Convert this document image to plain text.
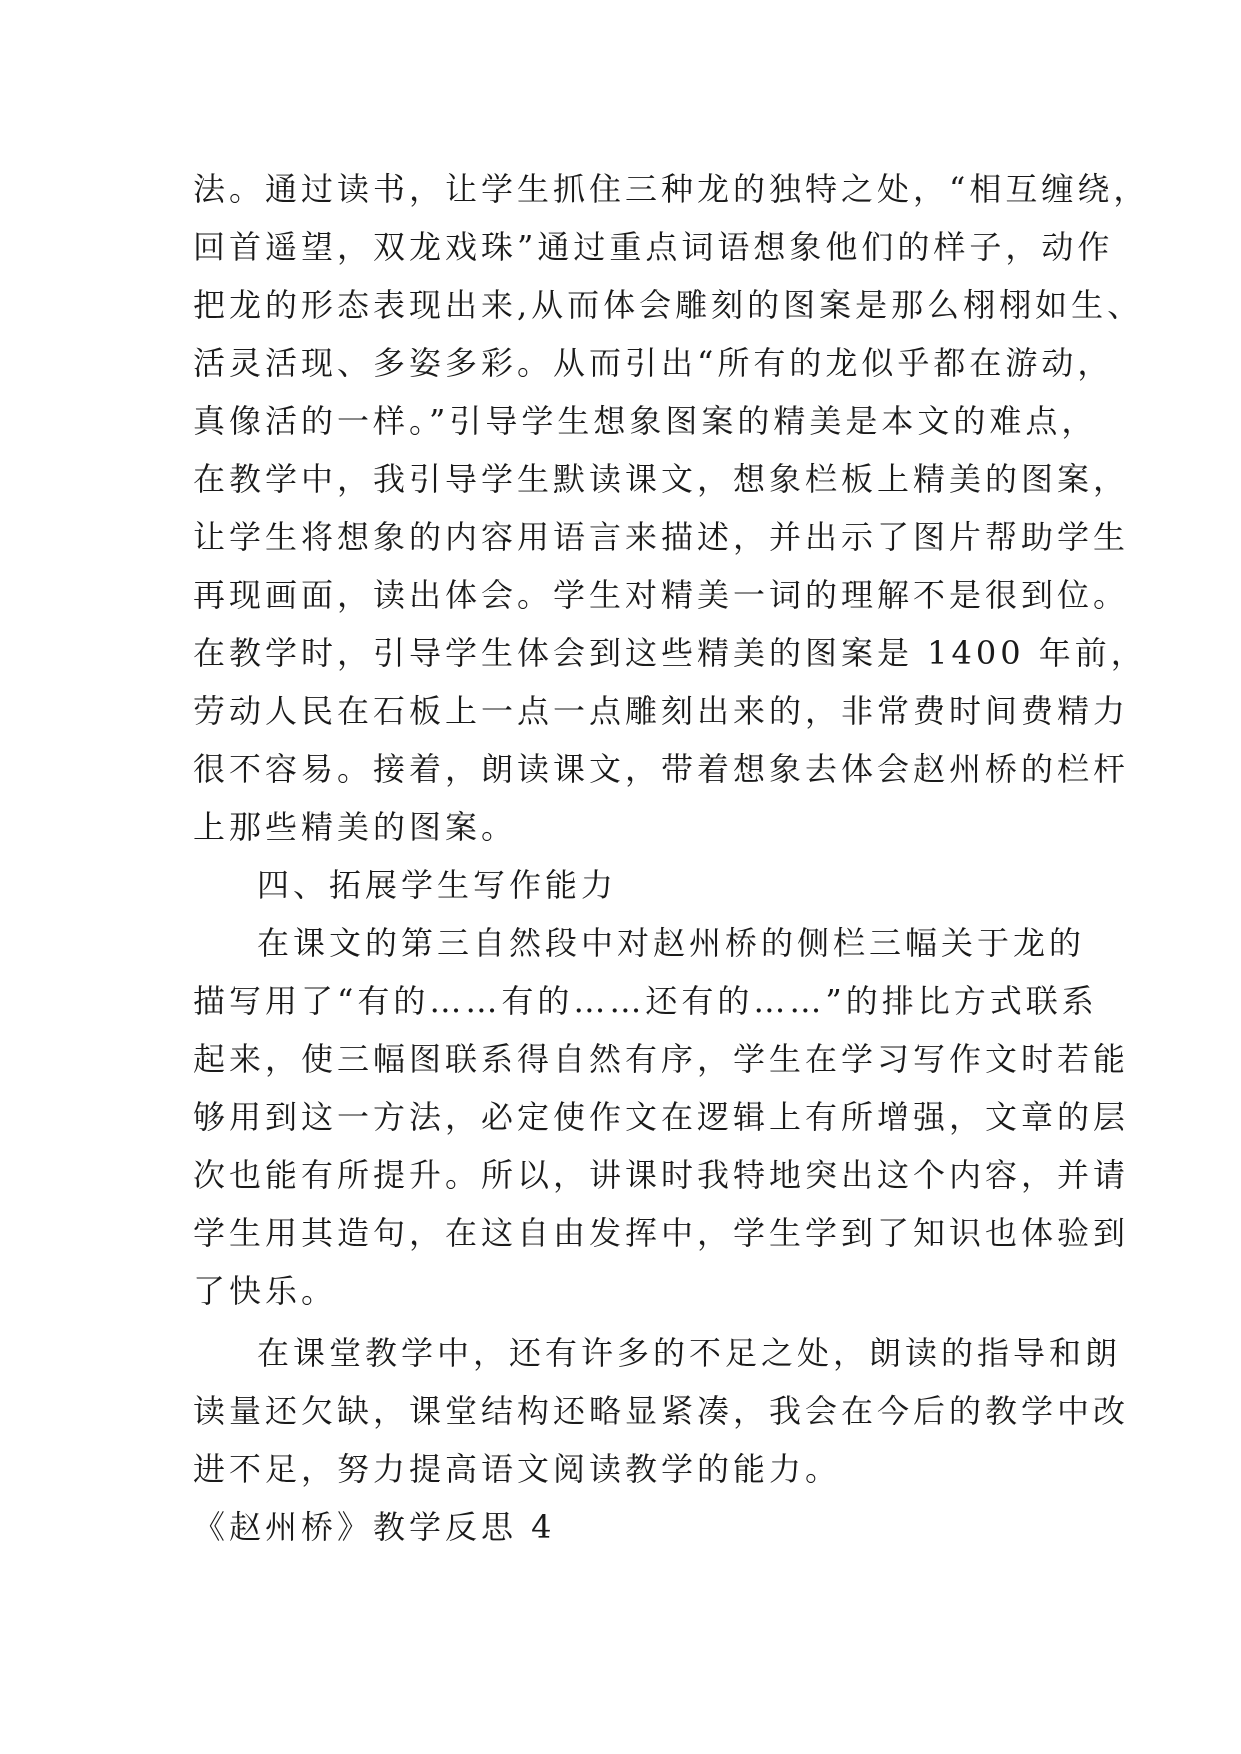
法。通过读书，让学生抓住三种龙的独特之处，“相互缠绕，
回首遥望，双龙戏珠”通过重点词语想象他们的样子，动作
把龙的形态表现出来,从而体会雕刻的图案是那么栩栩如生、
活灵活现、多姿多彩。从而引出“所有的龙似乎都在游动，
真像活的一样。”引导学生想象图案的精美是本文的难点，
在教学中，我引导学生默读课文，想象栏板上精美的图案，
让学生将想象的内容用语言来描述，并出示了图片帮助学生
再现画面，读出体会。学生对精美一词的理解不是很到位。
在教学时，引导学生体会到这些精美的图案是 1400 年前，
劳动人民在石板上一点一点雕刻出来的，非常费时间费精力
很不容易。接着，朗读课文，带着想象去体会赵州桥的栏杆
上那些精美的图案。
四、拓展学生写作能力
在课文的第三自然段中对赵州桥的侧栏三幅关于龙的
描写用了“有的……有的……还有的……”的排比方式联系
起来，使三幅图联系得自然有序，学生在学习写作文时若能
够用到这一方法，必定使作文在逻辑上有所增强，文章的层
次也能有所提升。所以，讲课时我特地突出这个内容，并请
学生用其造句，在这自由发挥中，学生学到了知识也体验到
了快乐。
在课堂教学中，还有许多的不足之处，朗读的指导和朗
读量还欠缺，课堂结构还略显紧凑，我会在今后的教学中改
进不足，努力提高语文阅读教学的能力。
《赵州桥》教学反思 4
